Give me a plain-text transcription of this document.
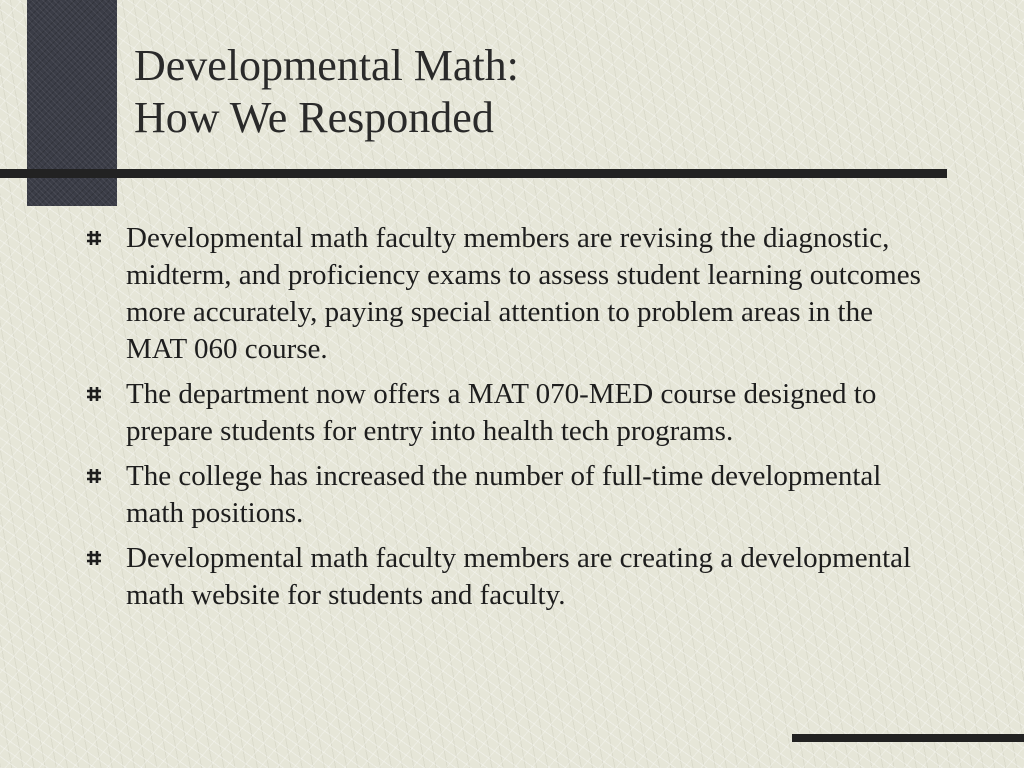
Developmental Math:
How We Responded
Developmental math faculty members are revising the diagnostic, midterm, and proficiency exams to assess student learning outcomes more accurately, paying special attention to problem areas in the MAT 060 course.
The department now offers a MAT 070-MED course designed to prepare students for entry into health tech programs.
The college has increased the number of full-time developmental math positions.
Developmental math faculty members are creating a developmental math website for students and faculty.
